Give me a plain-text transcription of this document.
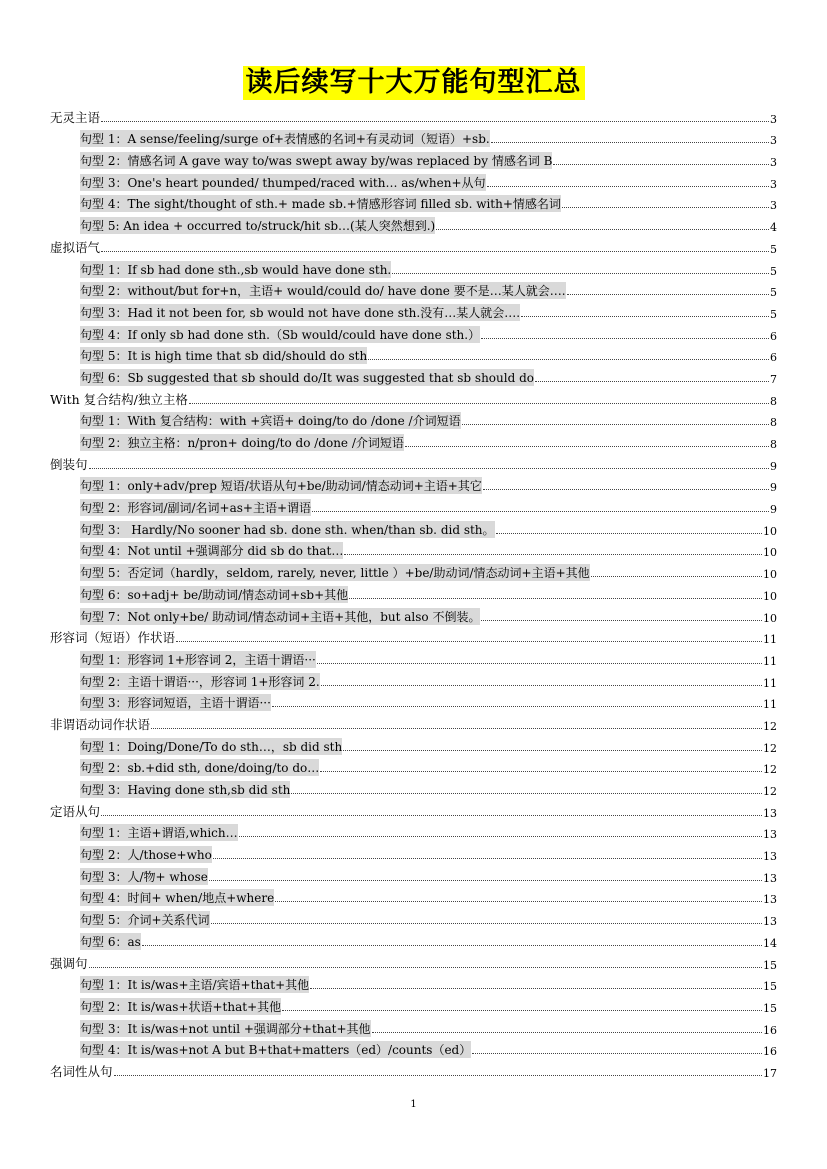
读后续写十大万能句型汇总
无灵主语	3
句型 1：A sense/feeling/surge of+表情感的名词+有灵动词（短语）+sb.	3
句型 2：情感名词 A gave way to/was swept away by/was replaced by 情感名词 B	3
句型 3：One's heart pounded/ thumped/raced with… as/when+从句	3
句型 4：The sight/thought of sth.+ made sb.+情感形容词 filled sb. with+情感名词	3
句型 5: An idea + occurred to/struck/hit sb…(某人突然想到.)	4
虚拟语气	5
句型 1：If sb had done sth.,sb would have done sth.	5
句型 2：without/but for+n，主语+ would/could do/ have done 要不是…某人就会….	5
句型 3：Had it not been for, sb would not have done sth.没有…某人就会….	5
句型 4：If only sb had done sth.（Sb would/could have done sth.）	6
句型 5：It is high time that sb did/should do sth	6
句型 6：Sb suggested that sb should do/It was suggested that sb should do	7
With 复合结构/独立主格	8
句型 1：With 复合结构：with +宾语+ doing/to do /done /介词短语	8
句型 2：独立主格：n/pron+ doing/to do /done /介词短语	8
倒装句	9
句型 1：only+adv/prep 短语/状语从句+be/助动词/情态动词+主语+其它	9
句型 2：形容词/副词/名词+as+主语+谓语	9
句型 3： Hardly/No sooner had sb. done sth. when/than sb. did sth。	10
句型 4：Not until +强调部分 did sb do that…	10
句型 5：否定词（hardly，seldom, rarely, never, little ）+be/助动词/情态动词+主语+其他	10
句型 6：so+adj+ be/助动词/情态动词+sb+其他	10
句型 7：Not only+be/ 助动词/情态动词+主语+其他，but also 不倒装。	10
形容词（短语）作状语	11
句型 1：形容词 1+形容词 2，主语十谓语···	11
句型 2：主语十谓语···，形容词 1+形容词 2.	11
句型 3：形容词短语，主语十谓语···	11
非谓语动词作状语	12
句型 1：Doing/Done/To do sth…，sb did sth	12
句型 2：sb.+did sth, done/doing/to do…	12
句型 3：Having done sth,sb did sth	12
定语从句	13
句型 1：主语+谓语,which…	13
句型 2：人/those+who	13
句型 3：人/物+ whose	13
句型 4：时间+ when/地点+where	13
句型 5：介词+关系代词	13
句型 6：as	14
强调句	15
句型 1：It is/was+主语/宾语+that+其他	15
句型 2：It is/was+状语+that+其他	15
句型 3：It is/was+not until +强调部分+that+其他	16
句型 4：It is/was+not A but B+that+matters（ed）/counts（ed）	16
名词性从句	17
1
